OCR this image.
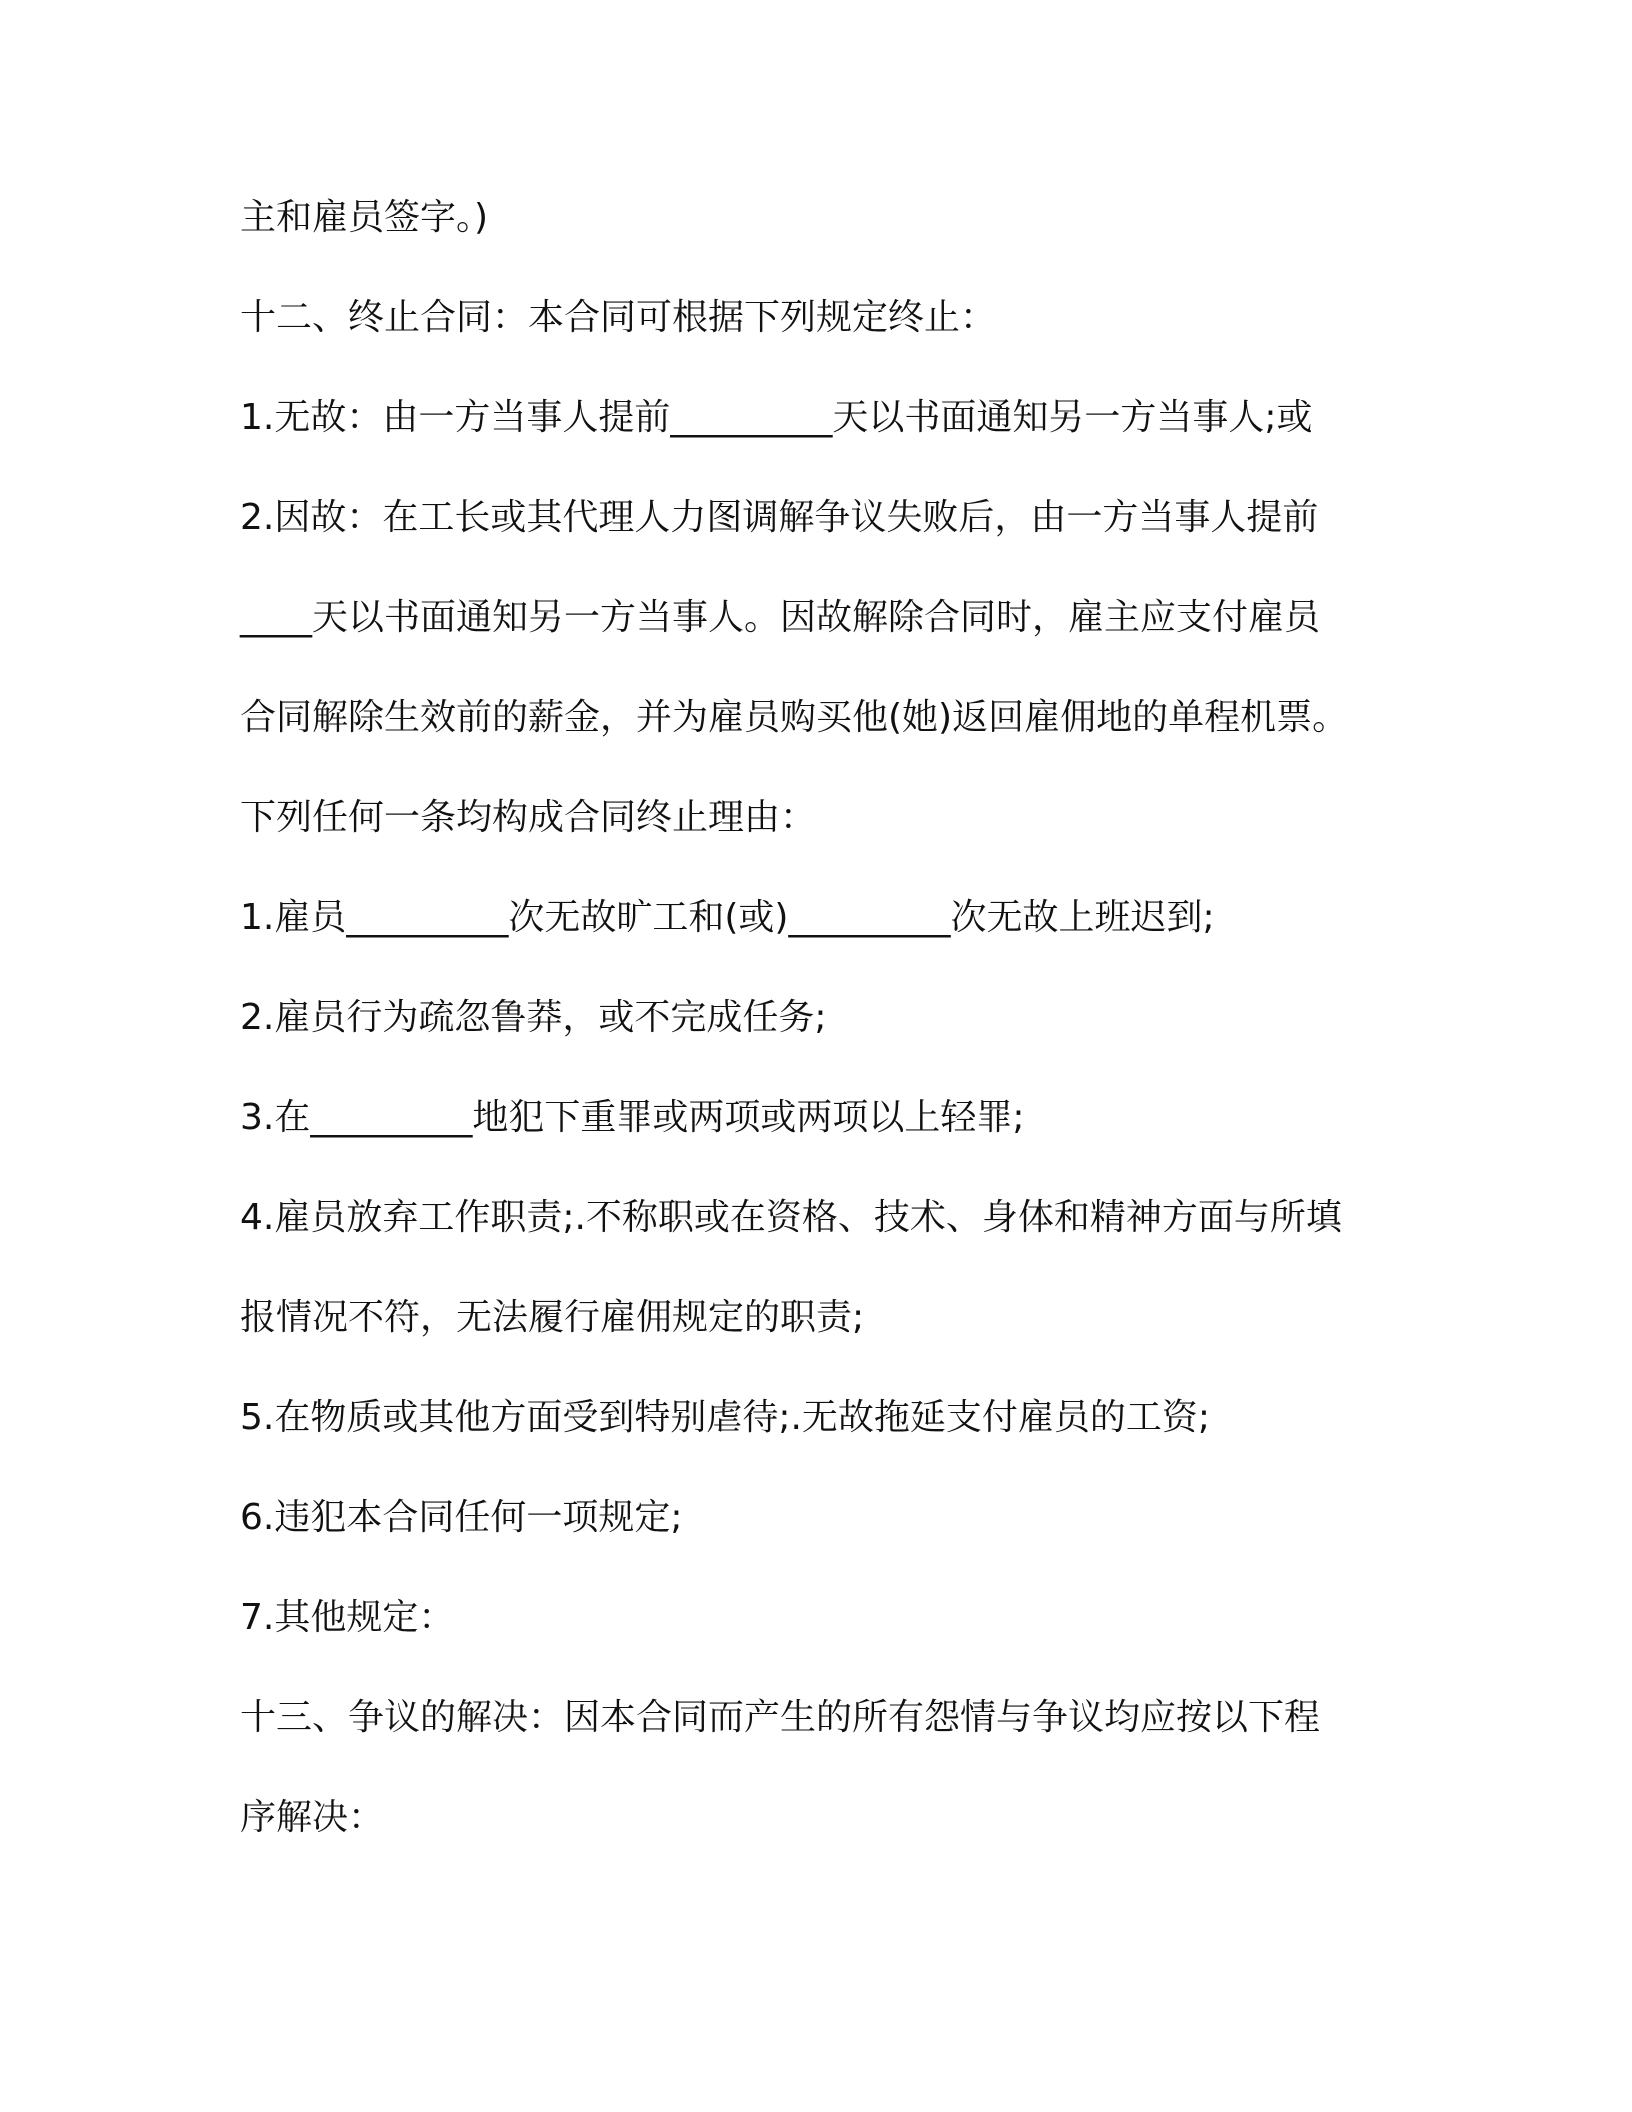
主和雇员签字。)
十二、终止合同：本合同可根据下列规定终止：
1.无故：由一方当事人提前_________天以书面通知另一方当事人;或
2.因故：在工长或其代理人力图调解争议失败后，由一方当事人提前
____天以书面通知另一方当事人。因故解除合同时，雇主应支付雇员
合同解除生效前的薪金，并为雇员购买他(她)返回雇佣地的单程机票。
下列任何一条均构成合同终止理由：
1.雇员_________次无故旷工和(或)_________次无故上班迟到;
2.雇员行为疏忽鲁莽，或不完成任务;
3.在_________地犯下重罪或两项或两项以上轻罪;
4.雇员放弃工作职责;.不称职或在资格、技术、身体和精神方面与所填
报情况不符，无法履行雇佣规定的职责;
5.在物质或其他方面受到特别虐待;.无故拖延支付雇员的工资;
6.违犯本合同任何一项规定;
7.其他规定：
十三、争议的解决：因本合同而产生的所有怨情与争议均应按以下程
序解决：
